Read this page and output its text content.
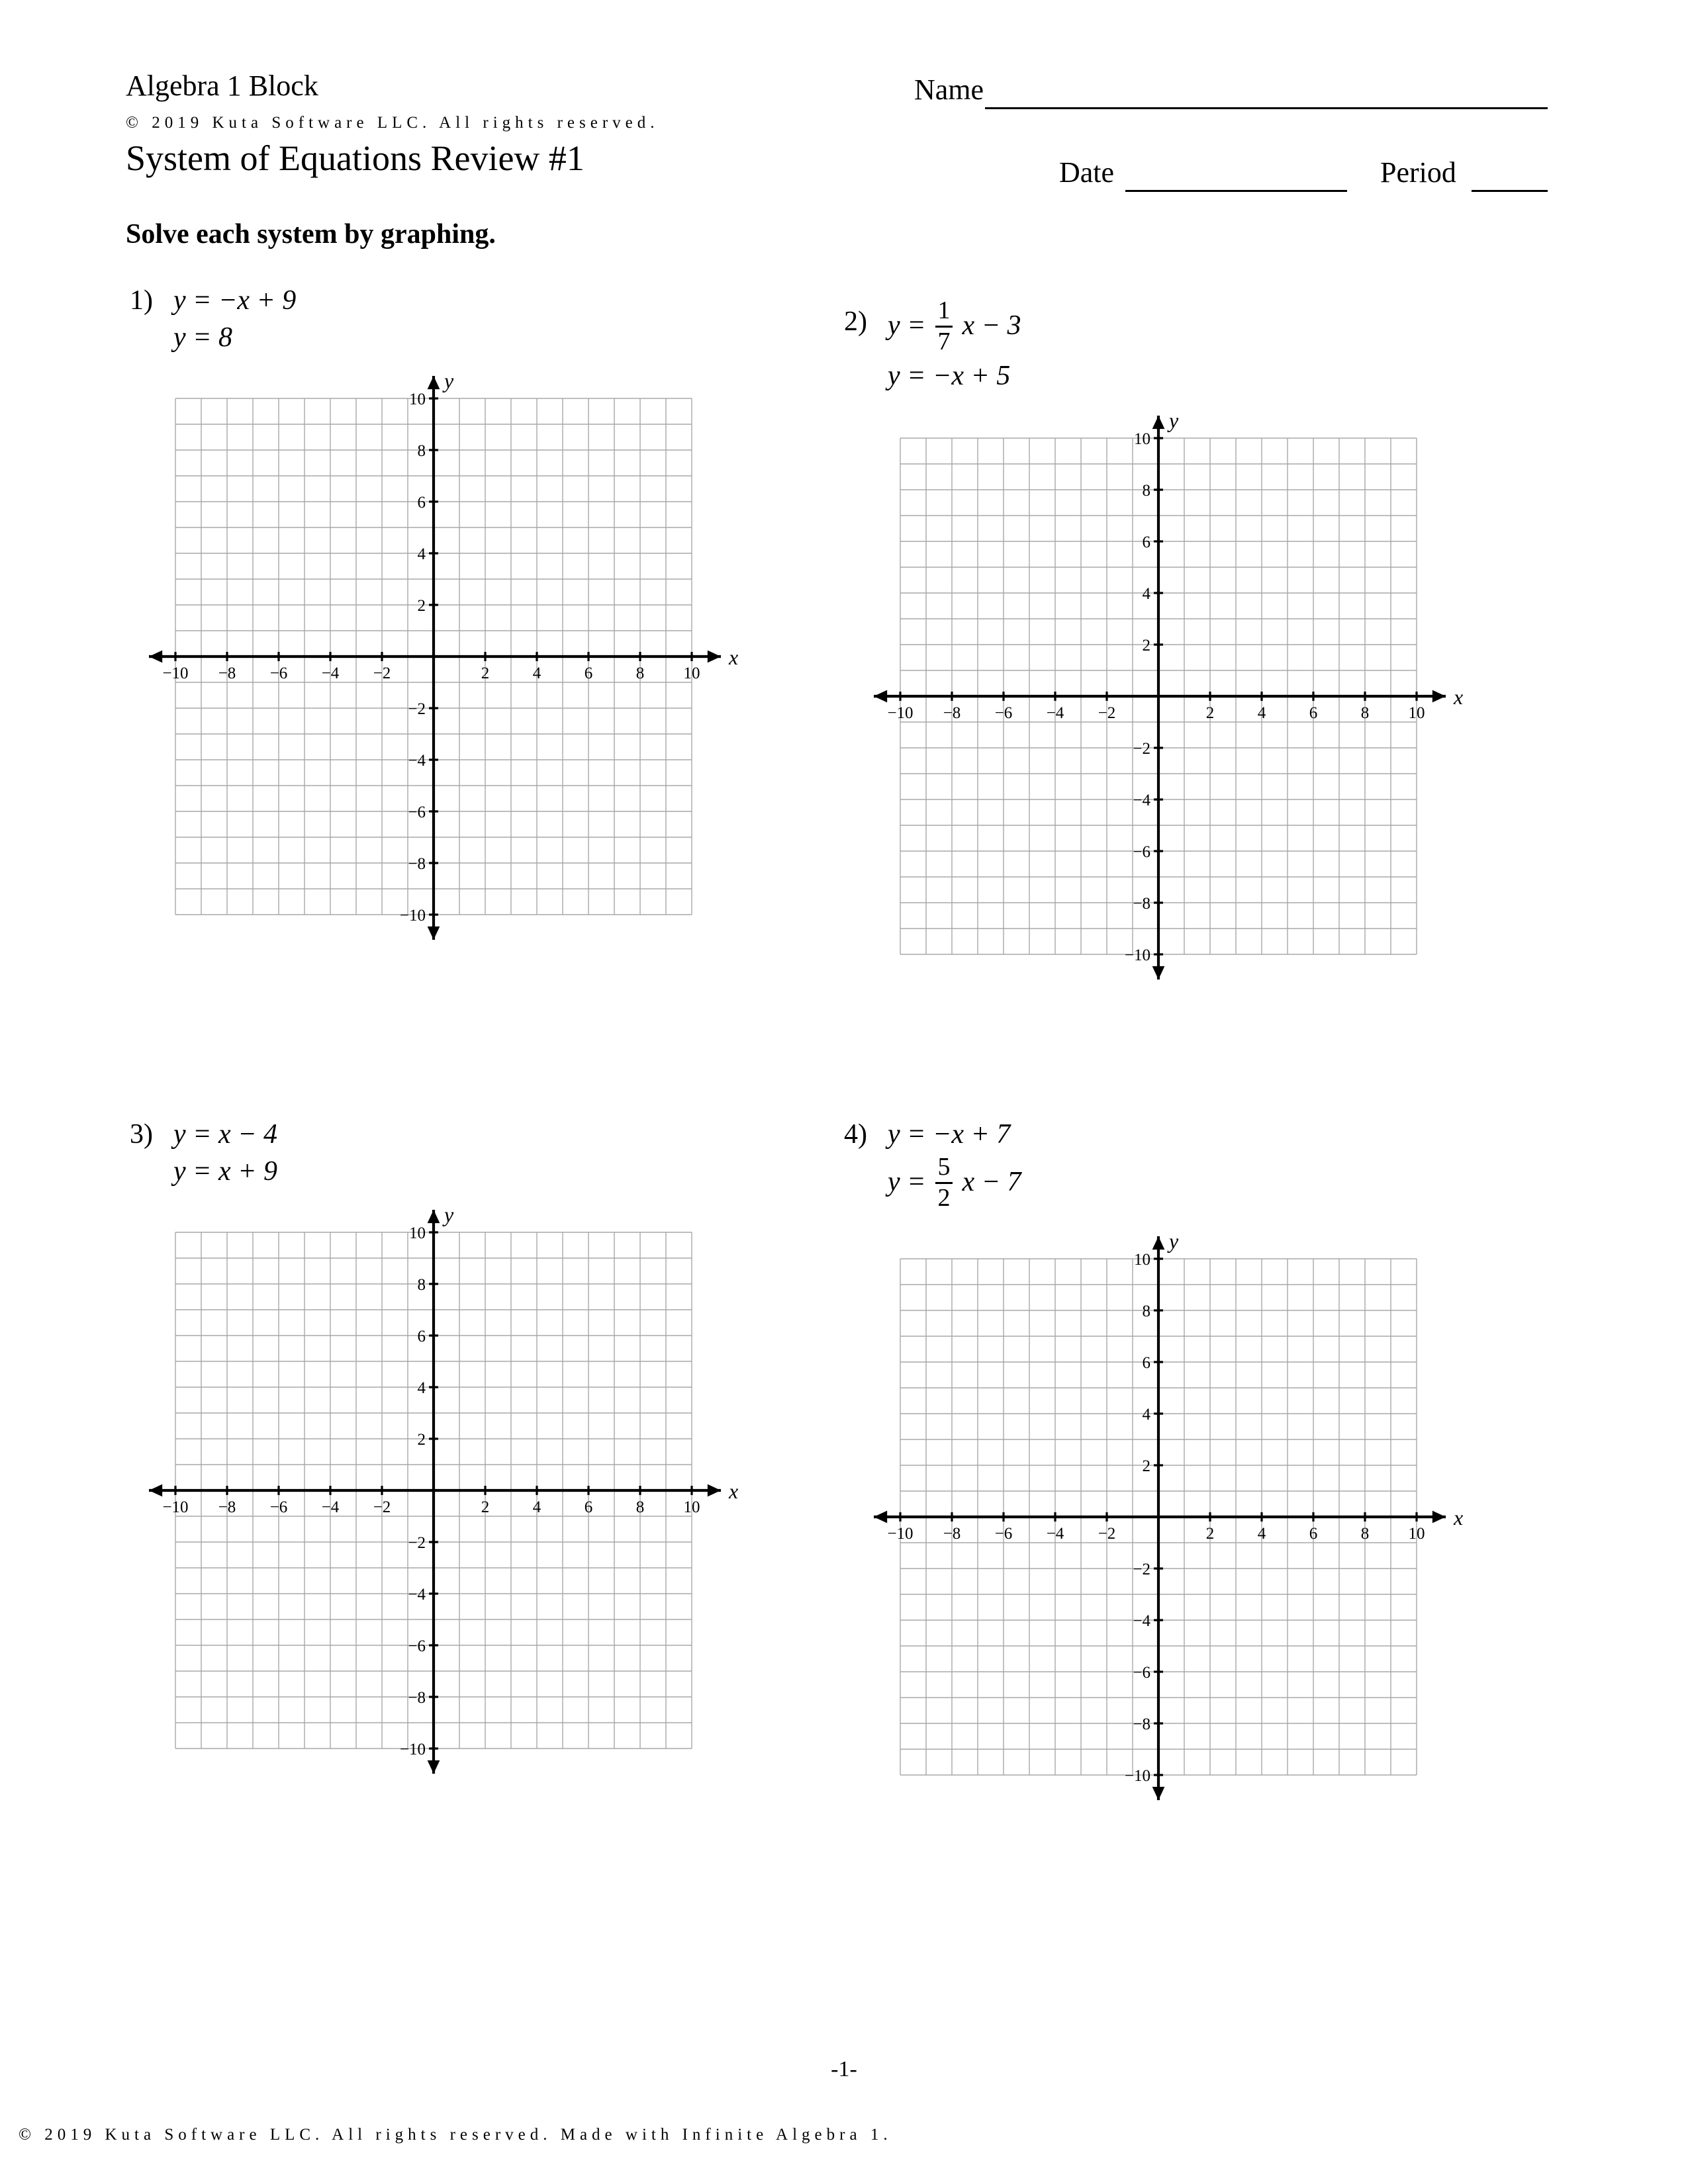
Algebra 1 Block
© 2019 Kuta Software LLC. All rights reserved.
System of Equations Review #1
Name
Date	Period
Solve each system by graphing.
1) y = −x + 9
y = 8
−10
−10
−8
−8
−6
−6
−4
−4
−2
−2
2
2
4
4
6
6
8
8
10
10
x
y
2) $y = \frac{1}{7}$ x − 3
y = −x + 5
−10
−10
−8
−8
−6
−6
−4
−4
−2
−2
2
2
4
4
6
6
8
8
10
10
x
y
3) y = x − 4
y = x + 9
−10
−10
−8
−8
−6
−6
−4
−4
−2
−2
2
2
4
4
6
6
8
8
10
10
x
y
4) y = −x + 7
$y = \frac{5}{2}$ x − 7
−10
−10
−8
−8
−6
−6
−4
−4
−2
−2
2
2
4
4
6
6
8
8
10
10
x
y
-1-
© 2019 Kuta Software LLC. All rights reserved. Made with Infinite Algebra 1.
